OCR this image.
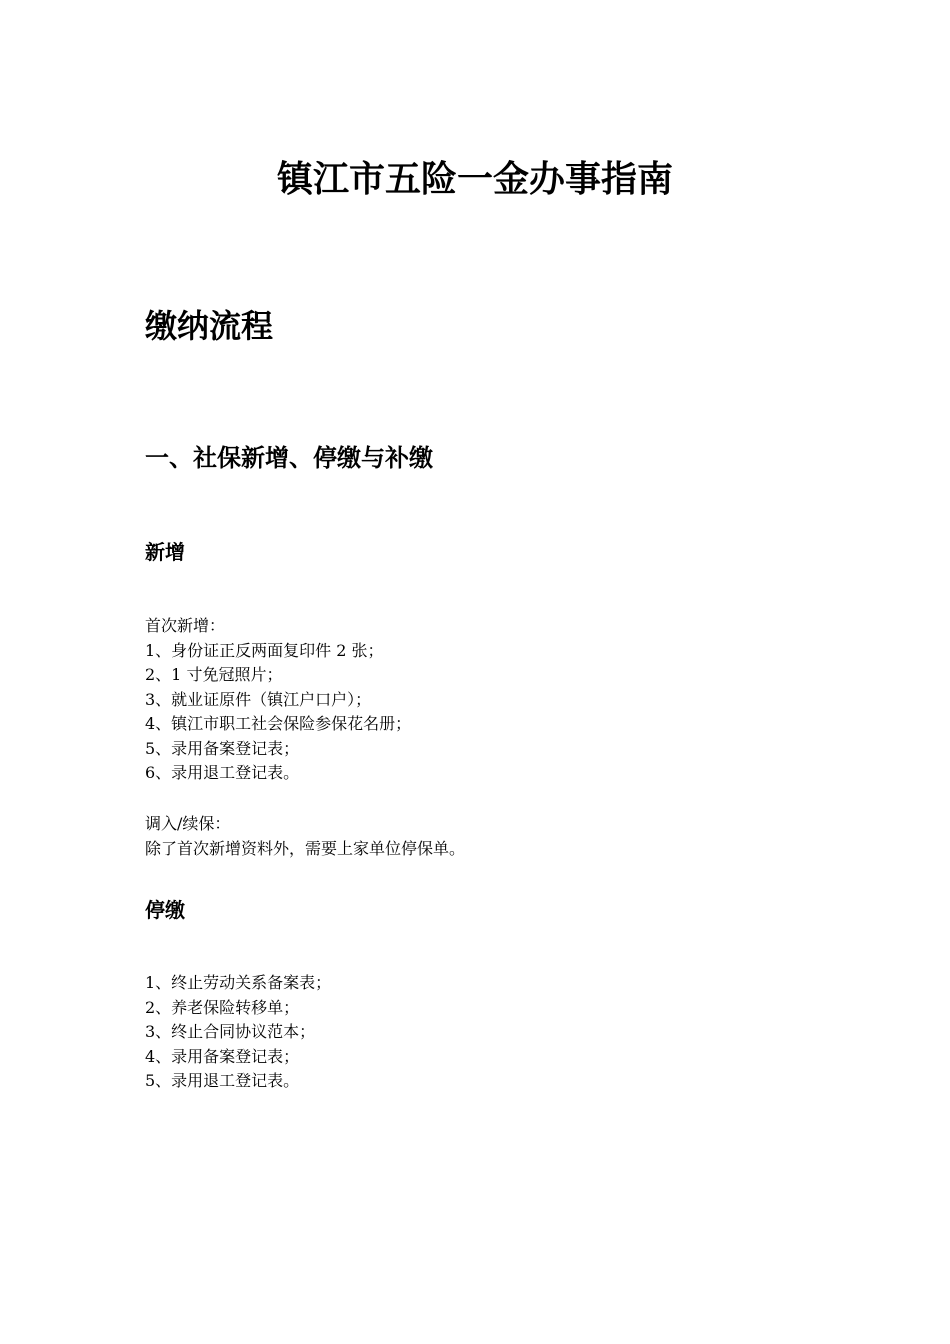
镇江市五险一金办事指南
缴纳流程
一、社保新增、停缴与补缴
新增
首次新增：
1、身份证正反两面复印件 2 张；
2、1 寸免冠照片；
3、就业证原件（镇江户口户）；
4、镇江市职工社会保险参保花名册；
5、录用备案登记表；
6、录用退工登记表。
调入/续保：
除了首次新增资料外，需要上家单位停保单。
停缴
1、终止劳动关系备案表；
2、养老保险转移单；
3、终止合同协议范本；
4、录用备案登记表；
5、录用退工登记表。
